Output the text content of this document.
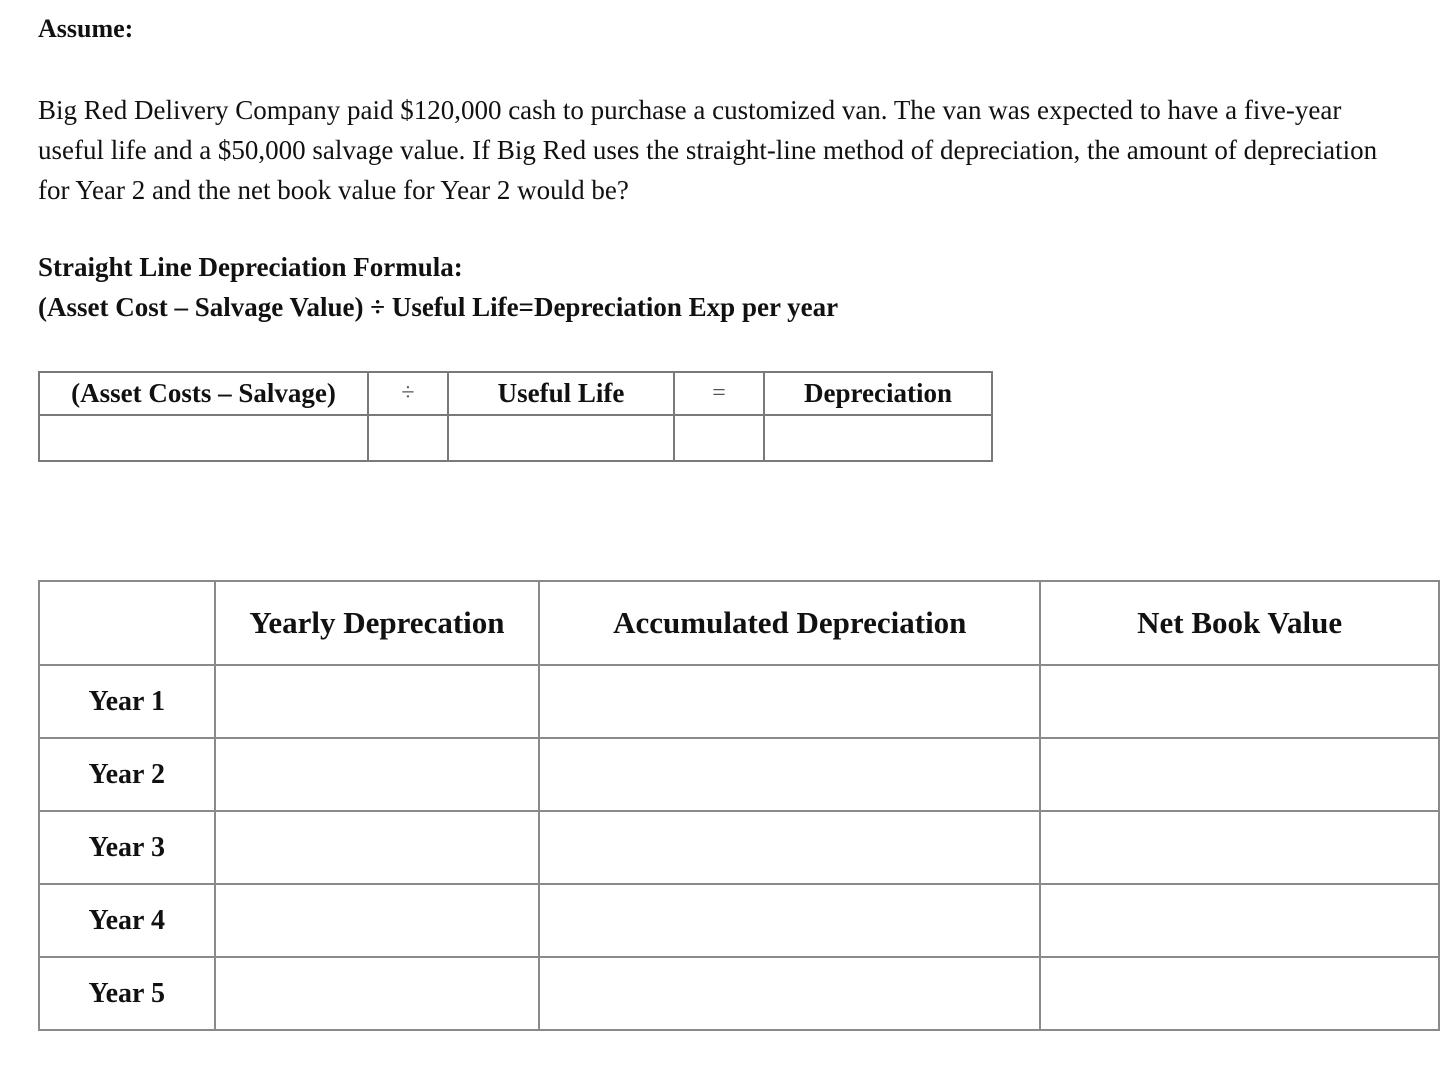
Assume:

Big Red Delivery Company paid $120,000 cash to purchase a customized van. The van was expected to have a five-year useful life and a $50,000 salvage value. If Big Red uses the straight-line method of depreciation, the amount of depreciation for Year 2 and the net book value for Year 2 would be?

Straight Line Depreciation Formula:

(Asset Cost – Salvage Value) ÷ Useful Life=Depreciation Exp per year

(Asset Costs – Salvage)	÷	Useful Life	=	Depreciation

	Yearly Deprecation	Accumulated Depreciation	Net Book Value
Year 1			
Year 2			
Year 3			
Year 4			
Year 5			
